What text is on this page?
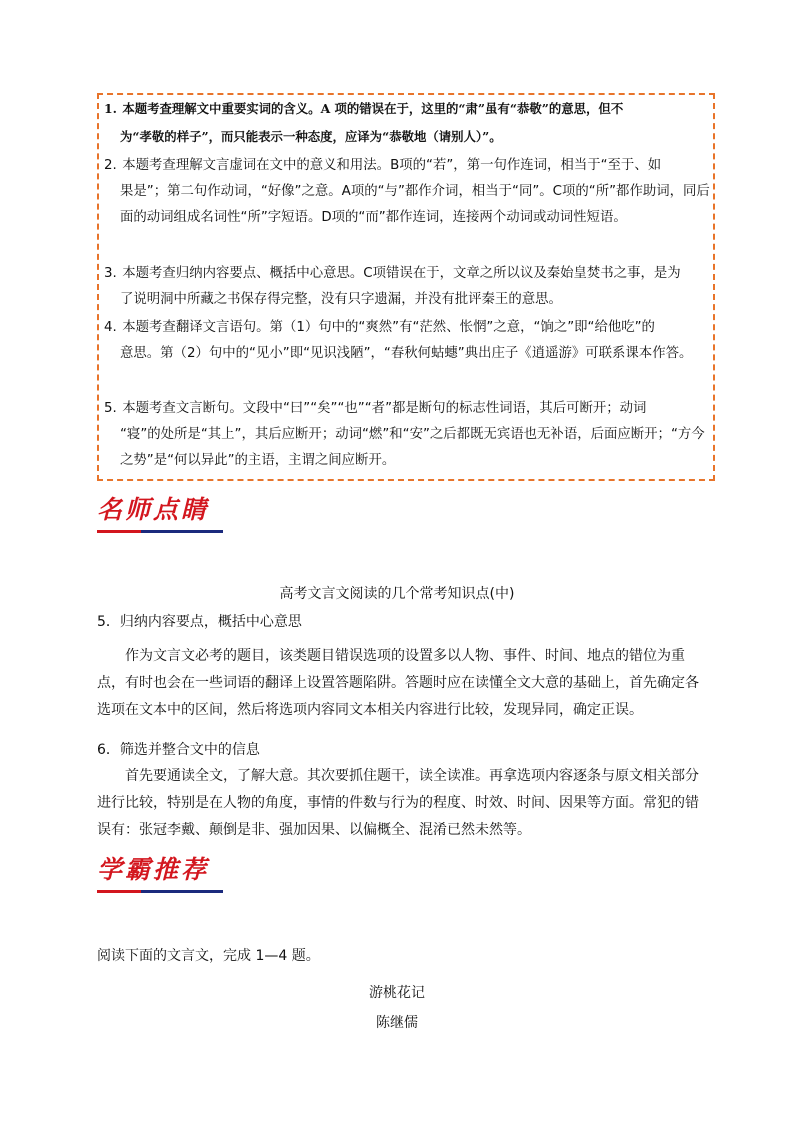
1. 本题考查理解文中重要实词的含义。A 项的错误在于，这里的“肃”虽有“恭敬”的意思，但不
为“孝敬的样子”，而只能表示一种态度，应译为“恭敬地（请别人）”。
2. 本题考查理解文言虚词在文中的意义和用法。B项的“若”，第一句作连词，相当于“至于、如
果是”；第二句作动词，“好像”之意。A项的“与”都作介词，相当于“同”。C项的“所”都作助词，同后面的动词组成名词性“所”字短语。D项的“而”都作连词，连接两个动词或动词性短语。
3. 本题考查归纳内容要点、概括中心意思。C项错误在于，文章之所以议及秦始皇焚书之事，是为
了说明洞中所藏之书保存得完整，没有只字遗漏，并没有批评秦王的意思。
4. 本题考查翻译文言语句。第（1）句中的“爽然”有“茫然、怅惘”之意，“饷之”即“给他吃”的
意思。第（2）句中的“见小”即“见识浅陋”，“春秋何蛄蟪”典出庄子《逍遥游》可联系课本作答。
5. 本题考查文言断句。文段中“曰”“矣”“也”“者”都是断句的标志性词语，其后可断开；动词
“寝”的处所是“其上”，其后应断开；动词“燃”和“安”之后都既无宾语也无补语，后面应断开；“方今之势”是“何以异此”的主语，主谓之间应断开。
名师点睛
高考文言文阅读的几个常考知识点(中)
5．归纳内容要点，概括中心意思
作为文言文必考的题目，该类题目错误选项的设置多以人物、事件、时间、地点的错位为重点，有时也会在一些词语的翻译上设置答题陷阱。答题时应在读懂全文大意的基础上，首先确定各选项在文本中的区间，然后将选项内容同文本相关内容进行比较，发现异同，确定正误。
6．筛选并整合文中的信息
首先要通读全文，了解大意。其次要抓住题干，读全读准。再拿选项内容逐条与原文相关部分进行比较，特别是在人物的角度，事情的件数与行为的程度、时效、时间、因果等方面。常犯的错误有：张冠李戴、颠倒是非、强加因果、以偏概全、混淆已然未然等。
学霸推荐
阅读下面的文言文，完成 1—4 题。
游桃花记
陈继儒
